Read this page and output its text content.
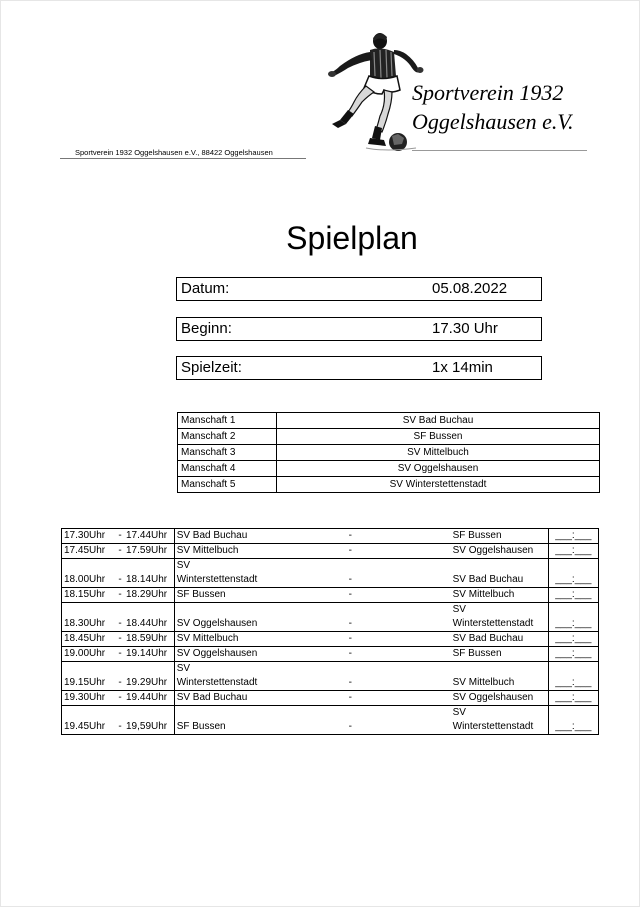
Sportverein 1932
Oggelshausen e.V.
Sportverein 1932 Oggelshausen e.V., 88422 Oggelshausen
Spielplan
Datum:	05.08.2022
Beginn:	17.30 Uhr
Spielzeit:	1x 14min
Manschaft 1	SV Bad Buchau
Manschaft 2	SF Bussen
Manschaft 3	SV Mittelbuch
Manschaft 4	SV Oggelshausen
Manschaft 5	SV Winterstettenstadt
17.30Uhr - 17.44Uhr	SV Bad Buchau	-	SF Bussen	___:___
17.45Uhr - 17.59Uhr	SV Mittelbuch	-	SV Oggelshausen	___:___
18.00Uhr - 18.14Uhr	SV Winterstettenstadt	-	SV Bad Buchau	___:___
18.15Uhr - 18.29Uhr	SF Bussen	-	SV Mittelbuch	___:___
18.30Uhr - 18.44Uhr	SV Oggelshausen	-	SV Winterstettenstadt	___:___
18.45Uhr - 18.59Uhr	SV Mittelbuch	-	SV Bad Buchau	___:___
19.00Uhr - 19.14Uhr	SV Oggelshausen	-	SF Bussen	___:___
19.15Uhr - 19.29Uhr	SV Winterstettenstadt	-	SV Mittelbuch	___:___
19.30Uhr - 19.44Uhr	SV Bad Buchau	-	SV Oggelshausen	___:___
19.45Uhr - 19,59Uhr	SF Bussen	-	SV Winterstettenstadt	___:___
